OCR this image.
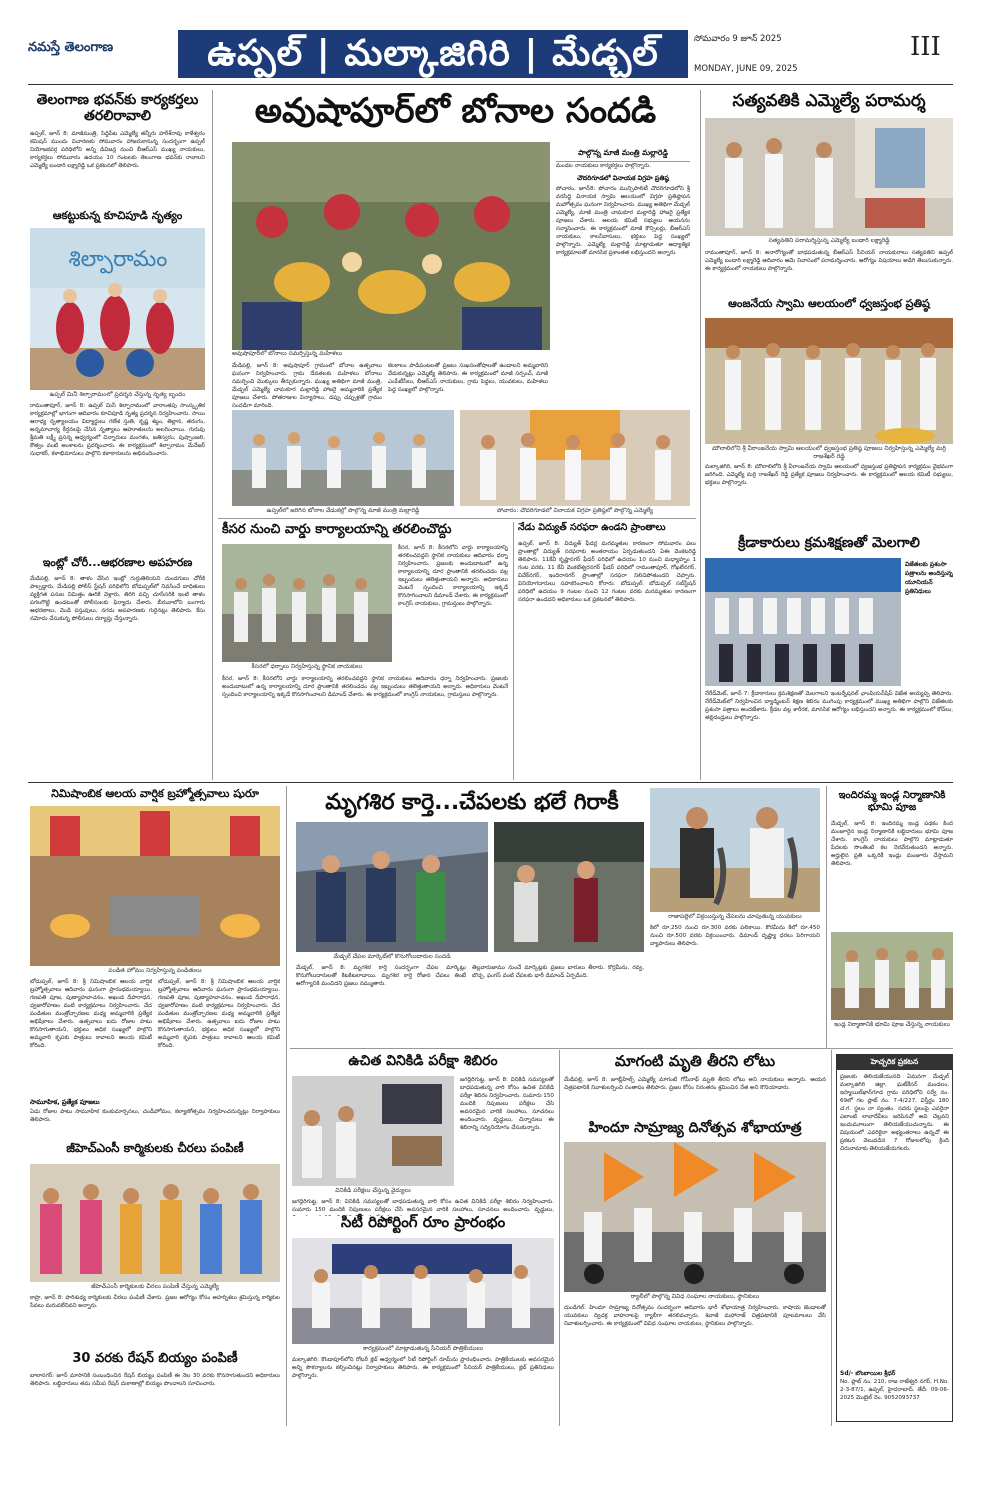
నమస్తే తెలంగాణ	ఉప్పల్ | మల్కాజిగిరి | మేడ్చల్	సోమవారం 9 జూన్ 2025
MONDAY, JUNE 09, 2025
III
తెలంగాణ భవన్‌కు కార్యకర్తలు తరలిరావాలి
ఉప్పల్, జూన్ 8: మాజీమంత్రి, సిద్దిపేట ఎమ్మెల్యే తన్నీరు హరీశ్‌రావు కాళేశ్వరం కమిషన్ ముందు విచారణకు సోమవారం హాజరుకానున్న సందర్భంగా ఉప్పల్ నియోజకవర్గ పరిధిలోని అన్ని డివిజన్ల నుంచి బీఆర్‌ఎస్ ముఖ్య నాయకులు, కార్యకర్తలు సోమవారం ఉదయం 10 గంటలకు తెలంగాణ భవన్‌కు రావాలని ఎమ్మెల్యే బండారి లక్ష్మారెడ్డి ఒక ప్రకటనలో తెలిపారు.
ఆకట్టుకున్న కూచిపూడి నృత్యం
శిల్పారామం
ఉప్పల్ మినీ శిల్పారామంలో ప్రదర్శన చేస్తున్న నృత్య బృందం
రామంతాపూర్, జూన్ 8: ఉప్పల్ మినీ శిల్పారామంలో వారాంతపు సాంస్కృతిక కార్యక్రమాల్లో భాగంగా ఆదివారం కూచిపూడి నృత్య ప్రదర్శన నిర్వహించారు. సాయి ఆరాధ్య నృత్యాలయం విద్యార్థులు గణేశ స్తుతి, కృష్ణ శబ్దం, తిల్లాన, తరంగం, అన్నమాచార్య కీర్తనలపై చేసిన నృత్యాలు ఆహూతులను అలరించాయి. గురువు శ్రీమతి లక్ష్మీ ప్రసన్న ఆధ్వర్యంలో చిన్నారులు మంగళం, జతిస్వరం, పుష్పాంజలి, కౌత్వం వంటి అంశాలను ప్రదర్శించారు. ఈ కార్యక్రమంలో శిల్పారామం మేనేజర్ సుధాకర్, కళాభిమానులు పాల్గొని కళాకారులను అభినందించారు.
ఇంట్లో చోరీ...ఆభరణాల అపహరణ
మేడిపల్లి, జూన్ 8: తాళం వేసిన ఇంట్లో గుర్తుతెలియని దుండగులు చోరీకి పాల్పడ్డారు. మేడిపల్లి పోలీస్ స్టేషన్ పరిధిలోని బోడుప్పల్‌లో నివసించే బాధితులు వ్యక్తిగత పనుల నిమిత్తం ఊరికి వెళ్లారు. తిరిగి వచ్చి చూసేసరికి ఇంటి తాళం పగలగొట్టి ఉండటంతో పోలీసులకు ఫిర్యాదు చేశారు. బీరువాలోని బంగారు ఆభరణాలు, వెండి వస్తువులు, నగదు అపహరణకు గురైనట్లు తెలిపారు. కేసు నమోదు చేసుకున్న పోలీసులు దర్యాప్తు చేస్తున్నారు.
అవుషాపూర్‌లో బోనాల సందడి
అవుషాపూర్‌లో బోనాలు సమర్పిస్తున్న మహిళలు
పాల్గొన్న మాజీ మంత్రి మల్లారెడ్డి
మండల నాయకులు కార్యకర్తలు పాల్గొన్నారు.
చౌదరిగూడలో వినాయక విగ్రహ ప్రతిష్ఠ
పోచారం, జూన్8: పోచారం మున్సిపాలిటీ చౌదరిగూడలోని శ్రీ వరసిద్ధి వినాయక స్వామి ఆలయంలో విగ్రహ ప్రతిష్ఠాపన మహోత్సవం ఘనంగా నిర్వహించారు. ముఖ్య అతిథిగా మేడ్చల్ ఎమ్మెల్యే, మాజీ మంత్రి చామకూర మల్లారెడ్డి హాజరై ప్రత్యేక పూజలు చేశారు. ఆలయ కమిటీ సభ్యులు ఆయనను సన్మానించారు. ఈ కార్యక్రమంలో మాజీ కౌన్సిలర్లు, బీఆర్‌ఎస్ నాయకులు, కాలనీవాసులు, భక్తులు పెద్ద సంఖ్యలో పాల్గొన్నారు. ఎమ్మెల్యే మల్లారెడ్డి మాట్లాడుతూ ఆధ్యాత్మిక కార్యక్రమాలతో మానసిక ప్రశాంతత లభిస్తుందని అన్నారు.
మేడిపల్లి, జూన్ 8: అవుషాపూర్ గ్రామంలో బోనాల ఉత్సవాలు ఘనంగా నిర్వహించారు. గ్రామ దేవతలకు మహిళలు బోనాలు సమర్పించి మొక్కులు తీర్చుకున్నారు. ముఖ్య అతిథిగా మాజీ మంత్రి, మేడ్చల్ ఎమ్మెల్యే చామకూర మల్లారెడ్డి హాజరై అమ్మవారికి ప్రత్యేక పూజలు చేశారు. పోతరాజుల విన్యాసాలు, డప్పు చప్పుళ్లతో గ్రామం సందడిగా మారింది.
కలకాలం పాడిపంటలతో ప్రజలు సుఖసంతోషాలతో ఉండాలని అమ్మవారిని వేడుకున్నట్లు ఎమ్మెల్యే తెలిపారు. ఈ కార్యక్రమంలో మాజీ సర్పంచ్, మాజీ ఎంపీటీసీలు, బీఆర్‌ఎస్ నాయకులు, గ్రామ పెద్దలు, యువకులు, మహిళలు పెద్ద సంఖ్యలో పాల్గొన్నారు.
ఉప్పల్‌లో జరిగిన బోనాల వేడుకల్లో పాల్గొన్న మాజీ మంత్రి మల్లారెడ్డి	పోచారం: చౌదరిగూడలో వినాయక విగ్రహ ప్రతిష్ఠలో పాల్గొన్న ఎమ్మెల్యే
కీసర నుంచి వార్డు కార్యాలయాన్ని తరలించొద్దు
కీసరలో ధర్నాలు నిర్వహిస్తున్న స్థానిక నాయకులు
కీసర, జూన్ 8: కీసరలోని వార్డు కార్యాలయాన్ని తరలించవద్దని స్థానిక నాయకులు ఆదివారం ధర్నా నిర్వహించారు. ప్రజలకు అందుబాటులో ఉన్న కార్యాలయాన్ని దూర ప్రాంతానికి తరలించడం వల్ల ఇబ్బందులు తలెత్తుతాయని అన్నారు. అధికారులు వెంటనే స్పందించి కార్యాలయాన్ని ఇక్కడే కొనసాగించాలని డిమాండ్ చేశారు. ఈ కార్యక్రమంలో కాంగ్రెస్ నాయకులు, గ్రామస్తులు పాల్గొన్నారు.
కీసర, జూన్ 8: కీసరలోని వార్డు కార్యాలయాన్ని తరలించవద్దని స్థానిక నాయకులు ఆదివారం ధర్నా నిర్వహించారు. ప్రజలకు అందుబాటులో ఉన్న కార్యాలయాన్ని దూర ప్రాంతానికి తరలించడం వల్ల ఇబ్బందులు తలెత్తుతాయని అన్నారు. అధికారులు వెంటనే స్పందించి కార్యాలయాన్ని ఇక్కడే కొనసాగించాలని డిమాండ్ చేశారు. ఈ కార్యక్రమంలో కాంగ్రెస్ నాయకులు, గ్రామస్తులు పాల్గొన్నారు.
నేడు విద్యుత్ సరఫరా ఉండని ప్రాంతాలు
ఉప్పల్, జూన్ 8: విద్యుత్ ఫీడర్ల మరమ్మతుల కారణంగా సోమవారం పలు ప్రాంతాల్లో విద్యుత్ సరఫరాకు అంతరాయం ఏర్పడుతుందని ఏఈ వెంకటరెడ్డి తెలిపారు. 11కేవీ కృష్ణానగర్ ఫీడర్ పరిధిలో ఉదయం 10 నుంచి మధ్యాహ్నం 1 గంట వరకు, 11 కేవీ వెంకటేశ్వరనగర్ ఫీడర్ పరిధిలో రామంతాపూర్, గోఖలేనగర్, వివేక్‌నగర్, ఇందిరానగర్ ప్రాంతాల్లో సరఫరా నిలిచిపోతుందని చెప్పారు. వినియోగదారులు సహకరించాలని కోరారు. బోడుప్పల్: బోడుప్పల్ సబ్‌స్టేషన్ పరిధిలో ఉదయం 9 గంటల నుంచి 12 గంటల వరకు మరమ్మతుల కారణంగా సరఫరా ఉండదని అధికారులు ఒక ప్రకటనలో తెలిపారు.
సత్యవతికి ఎమ్మెల్యే పరామర్శ
సత్యవతిని పరామర్శిస్తున్న ఎమ్మెల్యే బండారి లక్ష్మారెడ్డి
రామంతాపూర్, జూన్ 8: అనారోగ్యంతో బాధపడుతున్న బీఆర్‌ఎస్ సీనియర్ నాయకురాలు సత్యవతిని ఉప్పల్ ఎమ్మెల్యే బండారి లక్ష్మారెడ్డి ఆదివారం ఆమె నివాసంలో పరామర్శించారు. ఆరోగ్యం విషయాలు అడిగి తెలుసుకున్నారు. ఈ కార్యక్రమంలో నాయకులు పాల్గొన్నారు.
ఆంజనేయ స్వామి ఆలయంలో ధ్వజస్తంభ ప్రతిష్ఠ
మౌలాలిలోని శ్రీ వీరాంజనేయ స్వామి ఆలయంలో ధ్వజస్తంభ ప్రతిష్ఠ పూజలు నిర్వహిస్తున్న ఎమ్మెల్యే మర్రి రాజశేఖర్ రెడ్డి
మల్కాజిగిరి, జూన్ 8: మౌలాలిలోని శ్రీ వీరాంజనేయ స్వామి ఆలయంలో ధ్వజస్తంభ ప్రతిష్ఠాపన కార్యక్రమం వైభవంగా జరిగింది. ఎమ్మెల్యే మర్రి రాజశేఖర్ రెడ్డి ప్రత్యేక పూజలు నిర్వహించారు. ఈ కార్యక్రమంలో ఆలయ కమిటీ సభ్యులు, భక్తులు పాల్గొన్నారు.
క్రీడాకారులు క్రమశిక్షణతో మెలగాలి
విజేతలకు ప్రశంసా పత్రాలను అందిస్తున్న యూనియన్ ప్రతినిధులు
నేరేడ్‌మెట్, జూన్ 7: క్రీడాకారులు క్రమశిక్షణతో మెలగాలని ఇంటర్నేషనల్ ఛాంపియన్‌షిప్ విజేత అయ్యప్ప తెలిపారు. నేరేడ్‌మెట్‌లో నిర్వహించిన బ్యాడ్మింటన్ శిక్షణ శిబిరం ముగింపు కార్యక్రమంలో ముఖ్య అతిథిగా పాల్గొని విజేతలకు ప్రశంసా పత్రాలు అందజేశారు. క్రీడల వల్ల శారీరక, మానసిక ఆరోగ్యం లభిస్తుందని అన్నారు. ఈ కార్యక్రమంలో కోచ్‌లు, తల్లిదండ్రులు పాల్గొన్నారు.
నిమిషాంబిక ఆలయ వార్షిక బ్రహ్మోత్సవాలు షురూ
పండిత హోమం నిర్వహిస్తున్న పండితులు
బోడుప్పల్, జూన్ 8: శ్రీ నిమిషాంబిక ఆలయ వార్షిక బ్రహ్మోత్సవాలు ఆదివారం ఘనంగా ప్రారంభమయ్యాయి. గణపతి పూజ, పుణ్యాహవాచనం, అఖండ దీపారాధన, ధ్వజారోహణం వంటి కార్యక్రమాలు నిర్వహించారు. వేద పండితుల మంత్రోచ్ఛారణల మధ్య అమ్మవారికి ప్రత్యేక అభిషేకాలు చేశారు. ఉత్సవాలు ఐదు రోజుల పాటు కొనసాగుతాయని, భక్తులు అధిక సంఖ్యలో పాల్గొని అమ్మవారి కృపకు పాత్రులు కావాలని ఆలయ కమిటీ కోరింది.
బోడుప్పల్, జూన్ 8: శ్రీ నిమిషాంబిక ఆలయ వార్షిక బ్రహ్మోత్సవాలు ఆదివారం ఘనంగా ప్రారంభమయ్యాయి. గణపతి పూజ, పుణ్యాహవాచనం, అఖండ దీపారాధన, ధ్వజారోహణం వంటి కార్యక్రమాలు నిర్వహించారు. వేద పండితుల మంత్రోచ్ఛారణల మధ్య అమ్మవారికి ప్రత్యేక అభిషేకాలు చేశారు. ఉత్సవాలు ఐదు రోజుల పాటు కొనసాగుతాయని, భక్తులు అధిక సంఖ్యలో పాల్గొని అమ్మవారి కృపకు పాత్రులు కావాలని ఆలయ కమిటీ కోరింది.
సామూహిక, ప్రత్యేక పూజలు
ఏడు రోజుల పాటు సామూహిక కుంకుమార్చనలు, చండీహోమం, కల్యాణోత్సవం నిర్వహించనున్నట్లు నిర్వాహకులు తెలిపారు.
జీహెచ్‌ఎంసీ కార్మికులకు చీరలు పంపిణీ
జీహెచ్‌ఎంసీ కార్మికులకు చీరలు పంపిణీ చేస్తున్న ఎమ్మెల్యే
కాప్రా, జూన్ 8: పారిశుధ్య కార్మికులకు చీరలు పంపిణీ చేశారు. ప్రజల ఆరోగ్యం కోసం అహర్నిశలు శ్రమిస్తున్న కార్మికుల సేవలు మరువలేనివని అన్నారు.
30 వరకు రేషన్ బియ్యం పంపిణీ
బాలానగర్: జూన్ మాసానికి సంబంధించిన రేషన్ బియ్యం పంపిణీ ఈ నెల 30 వరకు కొనసాగుతుందని అధికారులు తెలిపారు. లబ్ధిదారులు తమ సమీప రేషన్ దుకాణాల్లో బియ్యం పొందాలని సూచించారు.
మృగశిర కార్తె...చేపలకు భలే గిరాకీ
మేడ్చల్ చేపల మార్కెట్‌లో కొనుగోలుదారుల సందడి
మేడ్చల్, జూన్ 8: మృగశిర కార్తె సందర్భంగా చేపల మార్కెట్లు కొనుగోలుదారులతో కిటకిటలాడాయి. మృగశిర కార్తె రోజున చేపలు తింటే ఆరోగ్యానికి మంచిదని ప్రజలు నమ్ముతారు.
తెల్లవారుజాము నుంచే మార్కెట్లకు ప్రజలు బారులు తీరారు. కొర్రమీను, రవ్వ, బొచ్చ, ఫంగస్ వంటి చేపలకు భారీ డిమాండ్ ఏర్పడింది.
రాజాపల్లెలో విక్రయిస్తున్న చేపలను చూపుతున్న యువకులు
కిలో రూ.250 నుంచి రూ.300 వరకు పలికాయి. కొరమీను కిలో రూ.450 నుంచి రూ.500 వరకు విక్రయించారు. డిమాండ్ దృష్ట్యా ధరలు పెరిగాయని వ్యాపారులు తెలిపారు.
ఇందిరమ్మ ఇండ్ల నిర్మాణానికి భూమి పూజ
మేడ్చల్, జూన్ 8: ఇందిరమ్మ ఇండ్ల పథకం కింద మంజూరైన ఇండ్ల నిర్మాణానికి లబ్ధిదారులు భూమి పూజ చేశారు. కాంగ్రెస్ నాయకులు పాల్గొని మాట్లాడుతూ పేదలకు సొంతింటి కల నెరవేరుతుందని అన్నారు. అర్హులైన ప్రతి ఒక్కరికీ ఇండ్లు మంజూరు చేస్తామని తెలిపారు.
ఇండ్ల నిర్మాణానికి భూమి పూజ చేస్తున్న నాయకులు
ఉచిత వినికిడి పరీక్షా శిబిరం
జగద్గిరిగుట్ట, జూన్ 8: వినికిడి సమస్యలతో బాధపడుతున్న వారి కోసం ఉచిత వినికిడి పరీక్షా శిబిరం నిర్వహించారు. సుమారు 150 మందికి నిపుణులు పరీక్షలు చేసి అవసరమైన వారికి సలహాలు, సూచనలు అందించారు. వృద్ధులు, చిన్నారులు ఈ శిబిరాన్ని సద్వినియోగం చేసుకున్నారు.
వినికిడి పరీక్షలు చేస్తున్న వైద్యులు
జగద్గిరిగుట్ట, జూన్ 8: వినికిడి సమస్యలతో బాధపడుతున్న వారి కోసం ఉచిత వినికిడి పరీక్షా శిబిరం నిర్వహించారు. సుమారు 150 మందికి నిపుణులు పరీక్షలు చేసి అవసరమైన వారికి సలహాలు, సూచనలు అందించారు. వృద్ధులు,
సిటీ రిపోర్టింగ్ రూం ప్రారంభం
కార్యక్రమంలో మాట్లాడుతున్న సీనియర్ పాత్రికేయులు
మల్కాజిగిరి: కొండాపూర్‌లోని రోటరీ క్లబ్ ఆధ్వర్యంలో సిటీ రిపోర్టింగ్ రూమ్‌ను ప్రారంభించారు. పాత్రికేయులకు అవసరమైన అన్ని సౌకర్యాలను కల్పించినట్లు నిర్వాహకులు తెలిపారు. ఈ కార్యక్రమంలో సీనియర్ పాత్రికేయులు, క్లబ్ ప్రతినిధులు పాల్గొన్నారు.
మాగంటి మృతి తీరని లోటు
మేడిపల్లి, జూన్ 8: జూబ్లీహిల్స్ ఎమ్మెల్యే మాగంటి గోపీనాథ్ మృతి తీరని లోటు అని నాయకులు అన్నారు. ఆయన చిత్రపటానికి నివాళులర్పించి సంతాపం తెలిపారు. ప్రజల కోసం నిరంతరం శ్రమించిన నేత అని కొనియాడారు.
హిందూ సామ్రాజ్య దినోత్సవ శోభాయాత్ర
ర్యాలీలో పాల్గొన్న వివిధ సంఘాల నాయకులు, స్థానికులు
దుండిగల్: హిందూ సామ్రాజ్య దినోత్సవం సందర్భంగా ఆదివారం భారీ శోభాయాత్ర నిర్వహించారు. కాషాయ జెండాలతో యువకులు ద్విచక్ర వాహనాలపై ర్యాలీగా తరలివచ్చారు. శివాజీ మహారాజ్ చిత్రపటానికి పూలమాలలు వేసి నివాళులర్పించారు. ఈ కార్యక్రమంలో వివిధ సంఘాల నాయకులు, స్థానికులు పాల్గొన్నారు.
హెచ్చరిక ప్రకటన
ప్రజలకు తెలియజేయునది ఏమనగా మేడ్చల్ మల్కాజిగిరి జిల్లా, ఘట్‌కేసర్ మండలం, ఇస్మాయిల్‌ఖాన్‌గూడ గ్రామ పరిధిలోని సర్వే నం. 69లో గల ప్లాట్ నం. 7-4/227, విస్తీర్ణం 180 చ.గ. స్థలం నా స్వంతం. సదరు స్థలంపై ఎవరైనా ఎలాంటి లావాదేవీలు జరిపినచో అవి చెల్లవని ఇందుమూలంగా తెలియజేయుచున్నాను. ఈ విషయంలో ఎవరికైనా అభ్యంతరాలు ఉన్నచో ఈ ప్రకటన వెలువడిన 7 రోజులలోపు క్రింది చిరునామాకు తెలియజేయగలరు.
Sd/- బొంబాయిల శ్రీధర్
No. ప్లాట్ నం. 210, రాజ రాజేశ్వరి నగర్, H.No. 2-3-87/1, ఉప్పల్, హైదరాబాద్. తేదీ: 09-06-2025 మొబైల్ నెం. 9052093737
